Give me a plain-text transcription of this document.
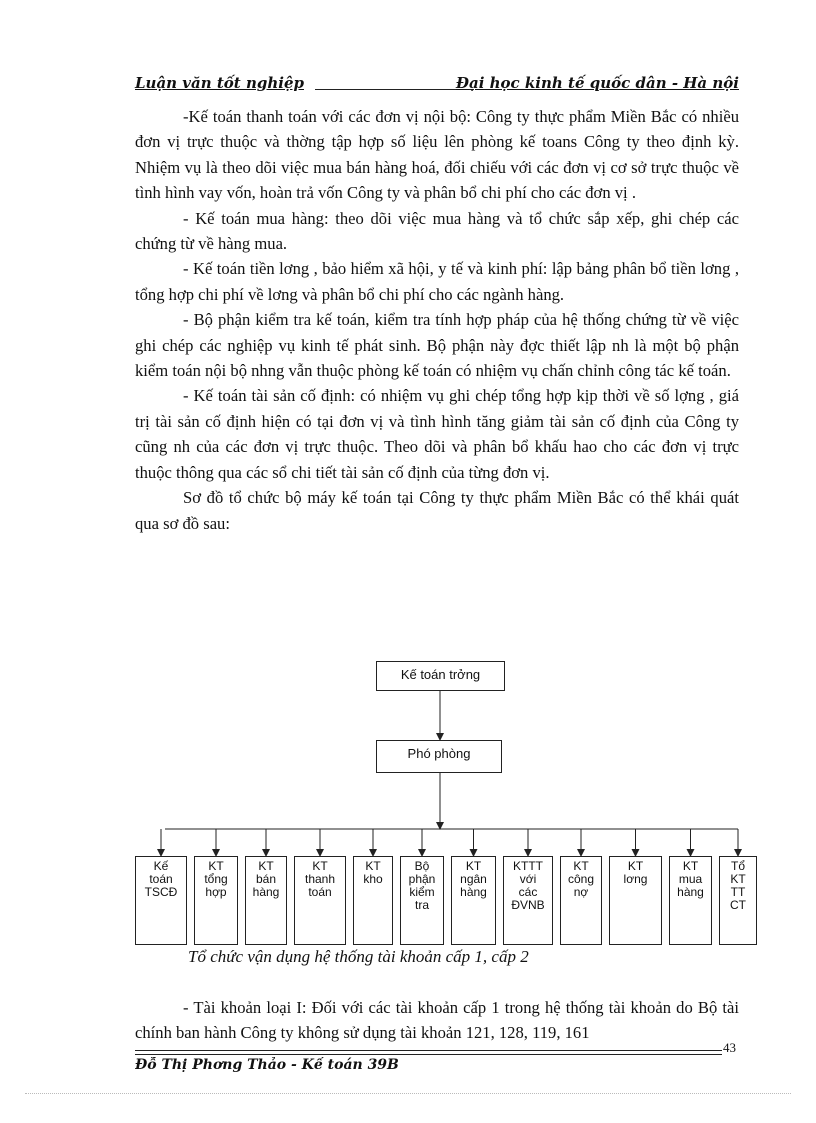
Luận văn tốt nghiệp	Đại học kinh tế quốc dân - Hà nội

-Kế toán thanh toán với các đơn vị nội bộ: Công ty thực phẩm Miền Bắc có nhiều đơn vị trực thuộc và thờng tập hợp số liệu lên phòng kế toans Công ty theo định kỳ. Nhiệm vụ là theo dõi việc mua bán hàng hoá, đối chiếu với các đơn vị cơ sở trực thuộc về tình hình vay vốn, hoàn trả vốn Công ty và phân bổ chi phí cho các đơn vị .

- Kế toán mua hàng: theo dõi việc mua hàng và tổ chức sắp xếp, ghi chép các chứng từ về hàng mua.

- Kế toán tiền lơng , bảo hiểm xã hội, y tế và kinh phí: lập bảng phân bổ tiền lơng , tổng hợp chi phí về lơng và phân bổ chi phí cho các ngành hàng.

- Bộ phận kiểm tra kế toán, kiểm tra tính hợp pháp của hệ thống chứng từ về việc ghi chép các nghiệp vụ kinh tế phát sinh. Bộ phận này đợc thiết lập nh là một bộ phận kiểm toán nội bộ nhng vẫn thuộc phòng kế toán có nhiệm vụ chấn chỉnh công tác kế toán.

- Kế toán tài sản cố định: có nhiệm vụ ghi chép tổng hợp kịp thời về số lợng , giá trị tài sản cố định hiện có tại đơn vị và tình hình tăng giảm tài sản cố định của Công ty cũng nh của các đơn vị trực thuộc. Theo dõi và phân bổ khấu hao cho các đơn vị trực thuộc thông qua các sổ chi tiết tài sản cố định của từng đơn vị.

Sơ đồ tổ chức bộ máy kế toán tại Công ty thực phẩm Miền Bắc có thể khái quát qua sơ đồ sau:

Kế toán trởng
Phó phòng
Kế
toán
TSCĐ
KT
tổng
hợp
KT
bán
hàng
KT
thanh
toán
KT
kho
Bộ
phận
kiểm
tra
KT
ngân
hàng
KTTT
với
các
ĐVNB
KT
công
nợ
KT
lơng
KT
mua
hàng
Tổ
KT
TT
CT
Tổ chức vận dụng hệ thống tài khoản cấp 1, cấp 2

- Tài khoản loại I: Đối với các tài khoản cấp 1 trong hệ thống tài khoản do Bộ tài chính ban hành Công ty không sử dụng tài khoản 121, 128, 119, 161

43
Đỗ Thị Phơng Thảo - Kế toán 39B
